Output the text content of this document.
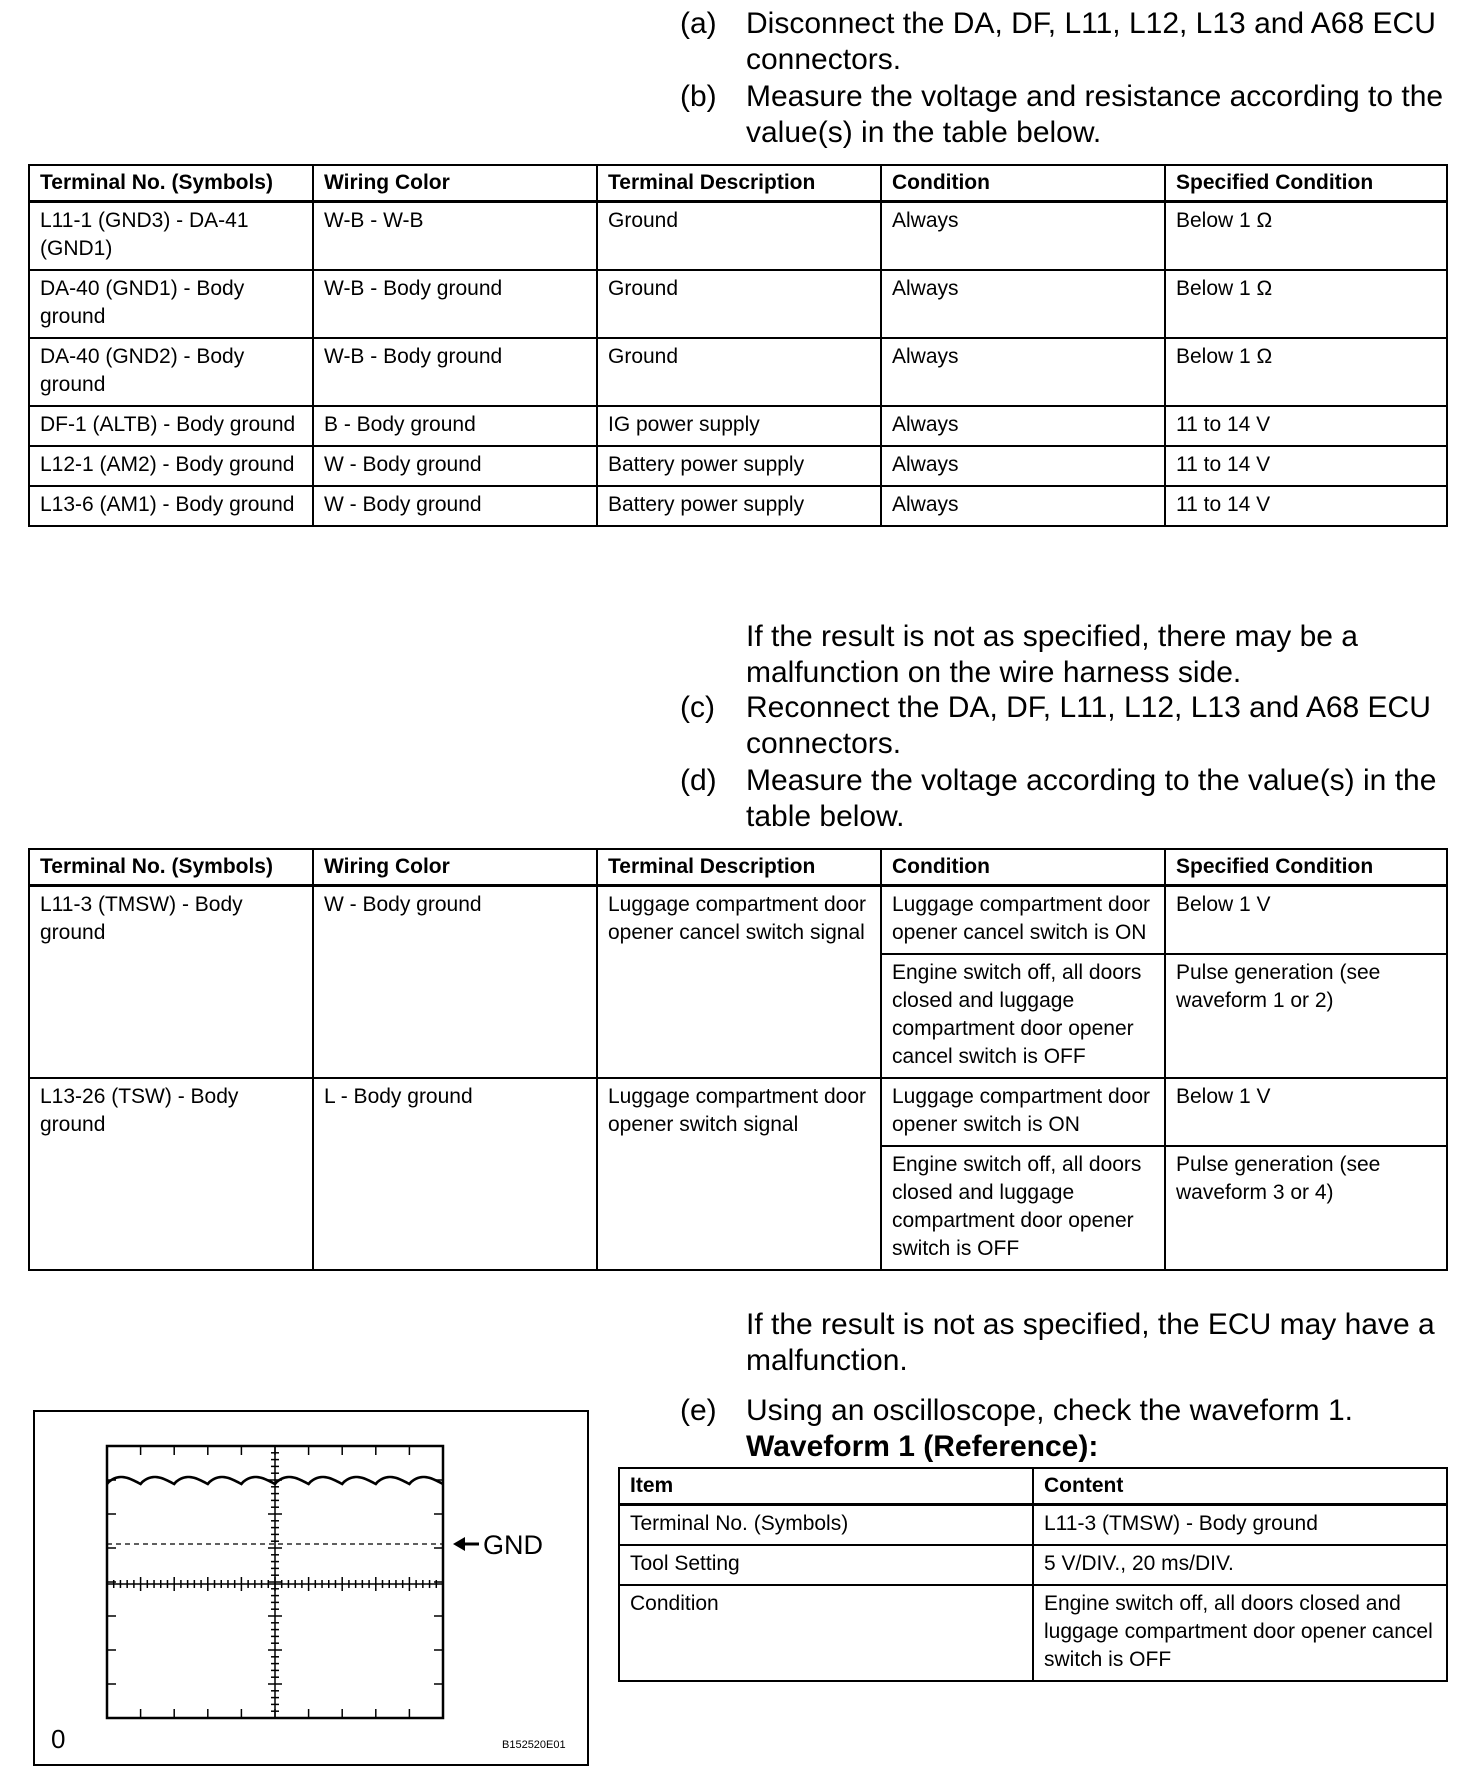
(a) Disconnect the DA, DF, L11, L12, L13 and A68 ECU connectors.
(b) Measure the voltage and resistance according to the value(s) in the table below.
Terminal No. (Symbols)	Wiring Color	Terminal Description	Condition	Specified Condition
L11-1 (GND3) - DA-41 (GND1)	W-B - W-B	Ground	Always	Below 1 Ω
DA-40 (GND1) - Body ground	W-B - Body ground	Ground	Always	Below 1 Ω
DA-40 (GND2) - Body ground	W-B - Body ground	Ground	Always	Below 1 Ω
DF-1 (ALTB) - Body ground	B - Body ground	IG power supply	Always	11 to 14 V
L12-1 (AM2) - Body ground	W - Body ground	Battery power supply	Always	11 to 14 V
L13-6 (AM1) - Body ground	W - Body ground	Battery power supply	Always	11 to 14 V
If the result is not as specified, there may be a malfunction on the wire harness side.
(c)	Reconnect the DA, DF, L11, L12, L13 and A68 ECU connectors.
(d) Measure the voltage according to the value(s) in the table below.
Terminal No. (Symbols)	Wiring Color	Terminal Description	Condition	Specified Condition
L11-3 (TMSW) - Body ground	W - Body ground	Luggage compartment door opener cancel switch signal	Luggage compartment door opener cancel switch is ON	Below 1 V
			Engine switch off, all doors closed and luggage compartment door opener cancel switch is OFF	Pulse generation (see waveform 1 or 2)
L13-26 (TSW) - Body ground	L - Body ground	Luggage compartment door opener switch signal	Luggage compartment door opener switch is ON	Below 1 V
			Engine switch off, all doors closed and luggage compartment door opener switch is OFF	Pulse generation (see waveform 3 or 4)
If the result is not as specified, the ECU may have a malfunction.
(e) Using an oscilloscope, check the waveform 1.
Waveform 1 (Reference):
Item	Content
Terminal No. (Symbols)	L11-3 (TMSW) - Body ground
Tool Setting	5 V/DIV., 20 ms/DIV.
Condition	Engine switch off, all doors closed and luggage compartment door opener cancel switch is OFF
GND
0	B152520E01
